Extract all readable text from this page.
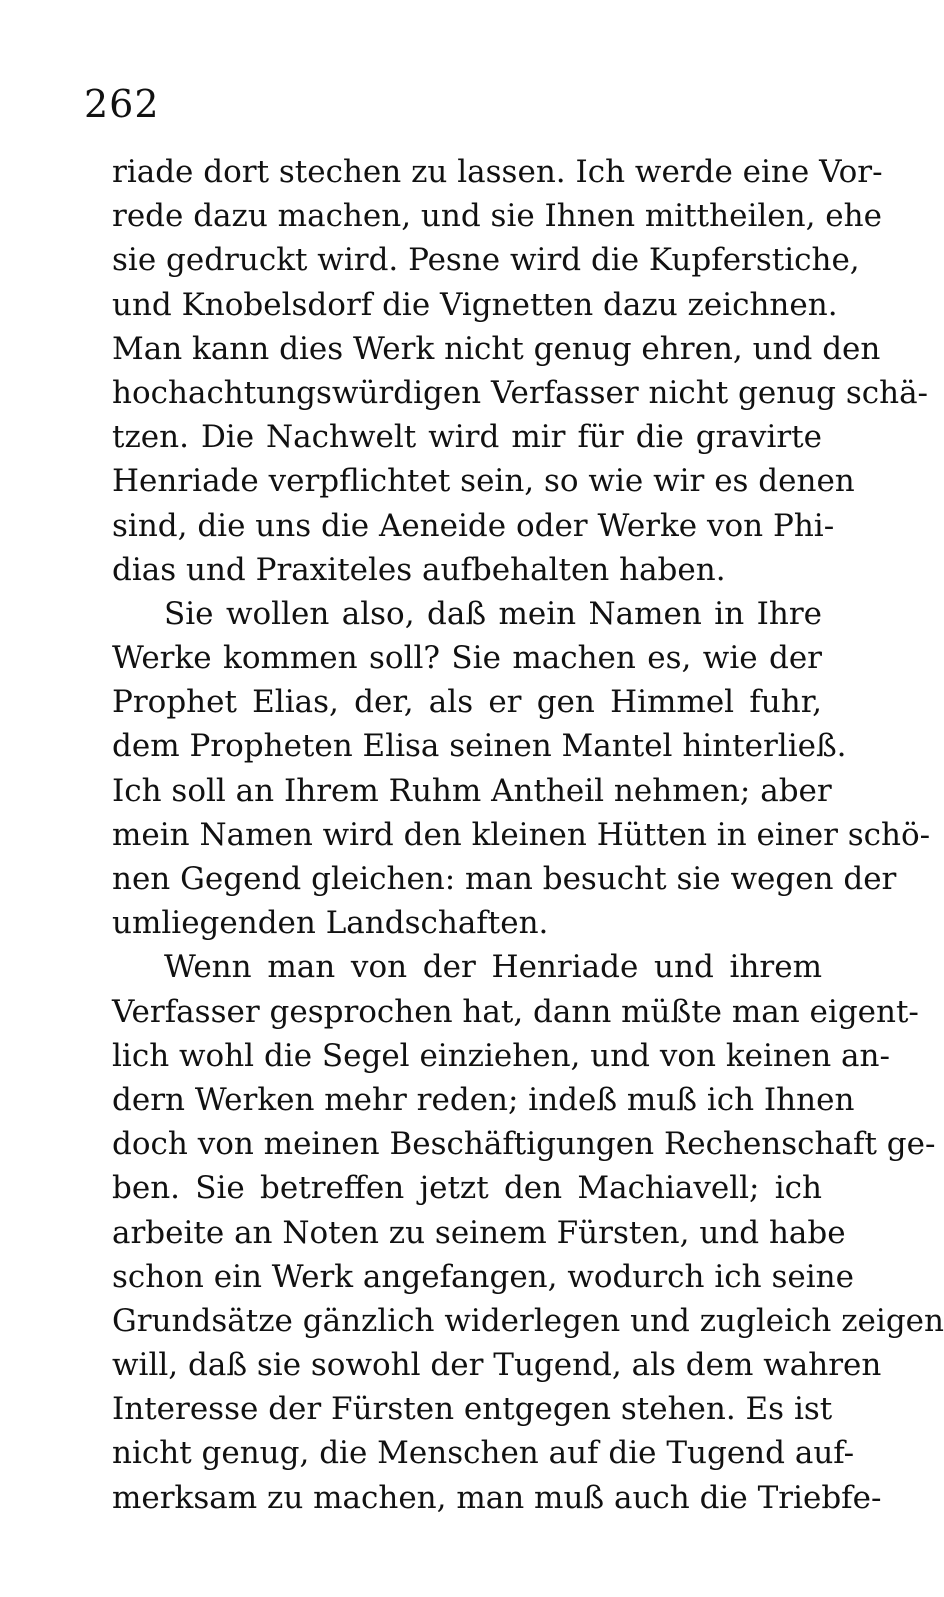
262
riade dort stechen zu lassen. Ich werde eine Vor-
rede dazu machen, und sie Ihnen mittheilen, ehe
sie gedruckt wird. Pesne wird die Kupferstiche,
und Knobelsdorf die Vignetten dazu zeichnen.
Man kann dies Werk nicht genug ehren, und den
hochachtungswürdigen Verfasser nicht genug schä-
tzen. Die Nachwelt wird mir für die gravirte
Henriade verpflichtet sein, so wie wir es denen
sind, die uns die Aeneide oder Werke von Phi-
dias und Praxiteles aufbehalten haben.
Sie wollen also, daß mein Namen in Ihre
Werke kommen soll? Sie machen es, wie der
Prophet Elias, der, als er gen Himmel fuhr,
dem Propheten Elisa seinen Mantel hinterließ.
Ich soll an Ihrem Ruhm Antheil nehmen; aber
mein Namen wird den kleinen Hütten in einer schö-
nen Gegend gleichen: man besucht sie wegen der
umliegenden Landschaften.
Wenn man von der Henriade und ihrem
Verfasser gesprochen hat, dann müßte man eigent-
lich wohl die Segel einziehen, und von keinen an-
dern Werken mehr reden; indeß muß ich Ihnen
doch von meinen Beschäftigungen Rechenschaft ge-
ben. Sie betreffen jetzt den Machiavell; ich
arbeite an Noten zu seinem Fürsten, und habe
schon ein Werk angefangen, wodurch ich seine
Grundsätze gänzlich widerlegen und zugleich zeigen
will, daß sie sowohl der Tugend, als dem wahren
Interesse der Fürsten entgegen stehen. Es ist
nicht genug, die Menschen auf die Tugend auf-
merksam zu machen, man muß auch die Triebfe-
